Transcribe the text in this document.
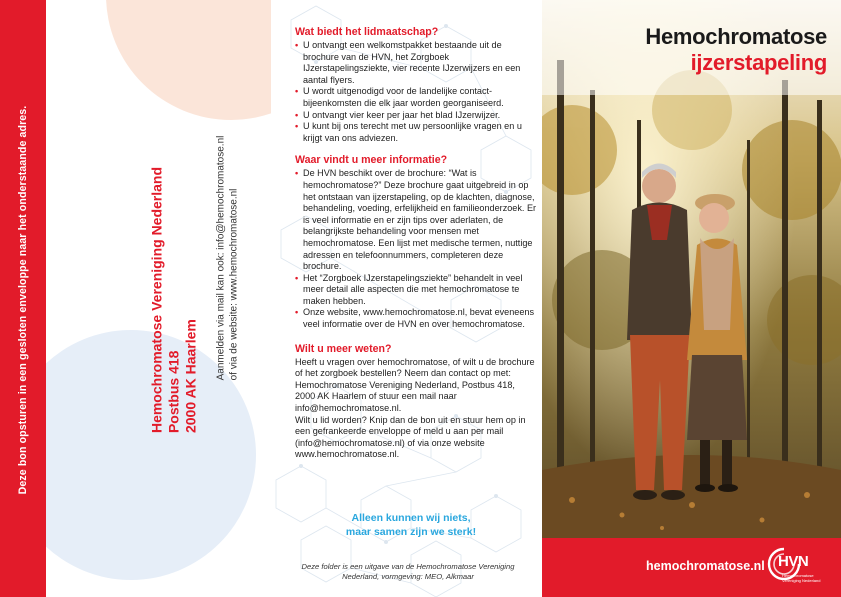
Deze bon opsturen in een gesloten enveloppe naar het onderstaande adres.	Hemochromatose Vereniging Nederland Postbus 418 2000 AK Haarlem Aanmelden via mail kan ook: info@hemochromatose.nl of via de website: www.hemochromatose.nl
Wat biedt het lidmaatschap?
• U ontvangt een welkomstpakket bestaande uit de brochure van de HVN, het Zorgboek IJzerstapelingsziekte, vier recente IJzerwijzers en een aantal flyers.
• U wordt uitgenodigd voor de landelijke contact-bijeenkomsten die elk jaar worden georganiseerd.
• U ontvangt vier keer per jaar het blad IJzerwijzer.
• U kunt bij ons terecht met uw persoonlijke vragen en u krijgt van ons adviezen.
Waar vindt u meer informatie?
• De HVN beschikt over de brochure: “Wat is hemochromatose?” Deze brochure gaat uitgebreid in op het ontstaan van ijzerstapeling, op de klachten, diagnose, behandeling, voeding, erfelijkheid en familieonderzoek. Er is veel informatie en er zijn tips over aderlaten, de belangrijkste behandeling voor mensen met hemochromatose. Een lijst met medische termen, nuttige adressen en telefoonnummers, completeren deze brochure.
• Het “Zorgboek IJzerstapelingsziekte” behandelt in veel meer detail alle aspecten die met hemochromatose te maken hebben.
• Onze website, www.hemochromatose.nl, bevat eveneens veel informatie over de HVN en over hemochromatose.
Wilt u meer weten?

Heeft u vragen over hemochromatose, of wilt u de brochure of het zorgboek bestellen? Neem dan contact op met: Hemochromatose Vereniging Nederland, Postbus 418, 2000 AK Haarlem of stuur een mail naar info@hemochromatose.nl.

Wilt u lid worden? Knip dan de bon uit en stuur hem op in een gefrankeerde enveloppe of meld u aan per mail (info@hemochromatose.nl) of via onze website www.hemochromatose.nl.

Alleen kunnen wij niets,
maar samen zijn we sterk!
Deze folder is een uitgave van de Hemochromatose Vereniging
Nederland, vormgeving: MEO, Alkmaar
Hemochromatose
ijzerstapeling
hemochromatose.nl HVN
Hemochromatose
Vereniging Nederland
